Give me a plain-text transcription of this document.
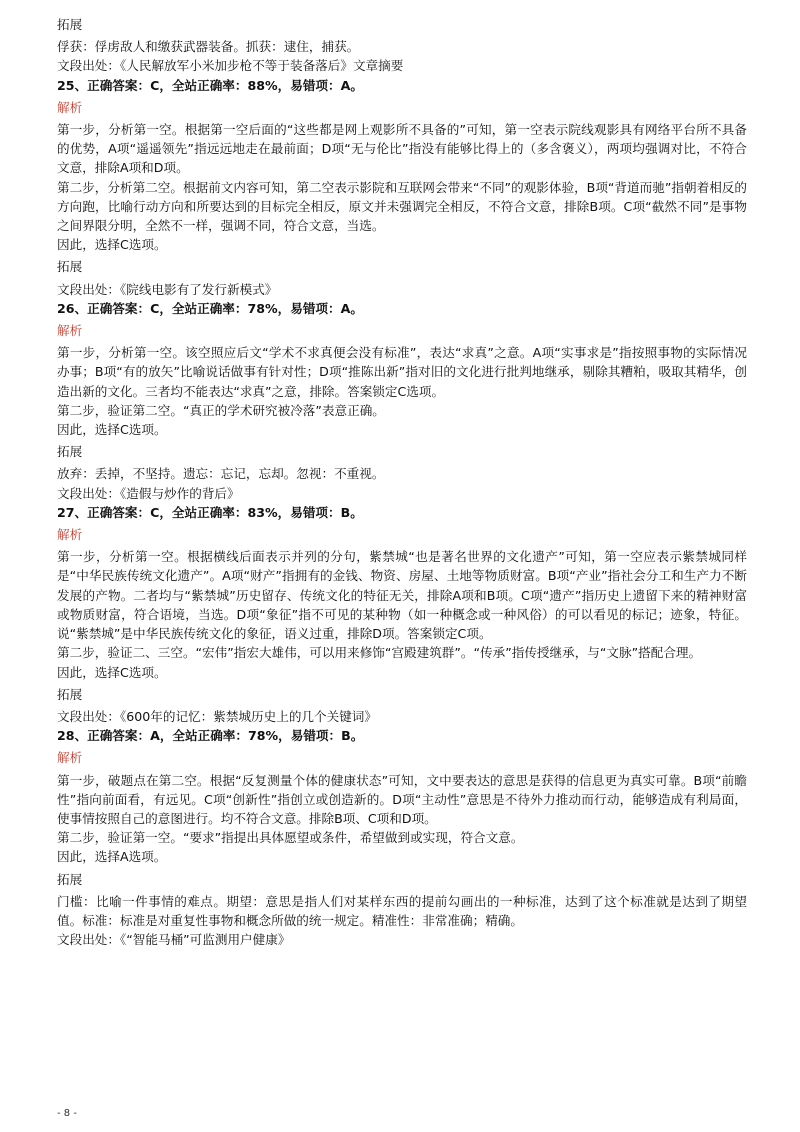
拓展

俘获：俘虏敌人和缴获武器装备。抓获：逮住，捕获。

文段出处：《人民解放军小米加步枪不等于装备落后》文章摘要

25、正确答案：C，全站正确率：88%，易错项：A。

解析

第一步，分析第一空。根据第一空后面的“这些都是网上观影所不具备的”可知，第一空表示院线观影具有网络平台所不具备的优势，A项“遥遥领先”指远远地走在最前面；D项“无与伦比”指没有能够比得上的（多含褒义），两项均强调对比，不符合文意，排除A项和D项。

第二步，分析第二空。根据前文内容可知，第二空表示影院和互联网会带来“不同”的观影体验，B项“背道而驰”指朝着相反的方向跑，比喻行动方向和所要达到的目标完全相反，原文并未强调完全相反，不符合文意，排除B项。C项“截然不同”是事物之间界限分明，全然不一样，强调不同，符合文意，当选。

因此，选择C选项。

拓展

文段出处：《院线电影有了发行新模式》

26、正确答案：C，全站正确率：78%，易错项：A。

解析

第一步，分析第一空。该空照应后文“学术不求真便会没有标准”，表达“求真”之意。A项“实事求是”指按照事物的实际情况办事；B项“有的放矢”比喻说话做事有针对性；D项“推陈出新”指对旧的文化进行批判地继承，剔除其糟粕，吸取其精华，创造出新的文化。三者均不能表达“求真”之意，排除。答案锁定C选项。

第二步，验证第二空。“真正的学术研究被冷落”表意正确。

因此，选择C选项。

拓展

放弃：丢掉，不坚持。遗忘：忘记，忘却。忽视：不重视。

文段出处：《造假与炒作的背后》

27、正确答案：C，全站正确率：83%，易错项：B。

解析

第一步，分析第一空。根据横线后面表示并列的分句，紫禁城“也是著名世界的文化遗产”可知，第一空应表示紫禁城同样是“中华民族传统文化遗产”。A项“财产”指拥有的金钱、物资、房屋、土地等物质财富。B项“产业”指社会分工和生产力不断发展的产物。二者均与“紫禁城”历史留存、传统文化的特征无关，排除A项和B项。C项“遗产”指历史上遗留下来的精神财富或物质财富，符合语境，当选。D项“象征”指不可见的某种物（如一种概念或一种风俗）的可以看见的标记；迹象，特征。说“紫禁城”是中华民族传统文化的象征，语义过重，排除D项。答案锁定C项。

第二步，验证二、三空。“宏伟”指宏大雄伟，可以用来修饰“宫殿建筑群”。“传承”指传授继承，与“文脉”搭配合理。

因此，选择C选项。

拓展

文段出处：《600年的记忆：紫禁城历史上的几个关键词》

28、正确答案：A，全站正确率：78%，易错项：B。

解析

第一步，破题点在第二空。根据“反复测量个体的健康状态”可知，文中要表达的意思是获得的信息更为真实可靠。B项“前瞻性”指向前面看，有远见。C项“创新性”指创立或创造新的。D项“主动性”意思是不待外力推动而行动，能够造成有利局面，使事情按照自己的意图进行。均不符合文意。排除B项、C项和D项。

第二步，验证第一空。“要求”指提出具体愿望或条件，希望做到或实现，符合文意。

因此，选择A选项。

拓展

门槛：比喻一件事情的难点。期望：意思是指人们对某样东西的提前勾画出的一种标准，达到了这个标准就是达到了期望值。标准：标准是对重复性事物和概念所做的统一规定。精准性：非常准确；精确。

文段出处：《“智能马桶”可监测用户健康》

- 8 -
